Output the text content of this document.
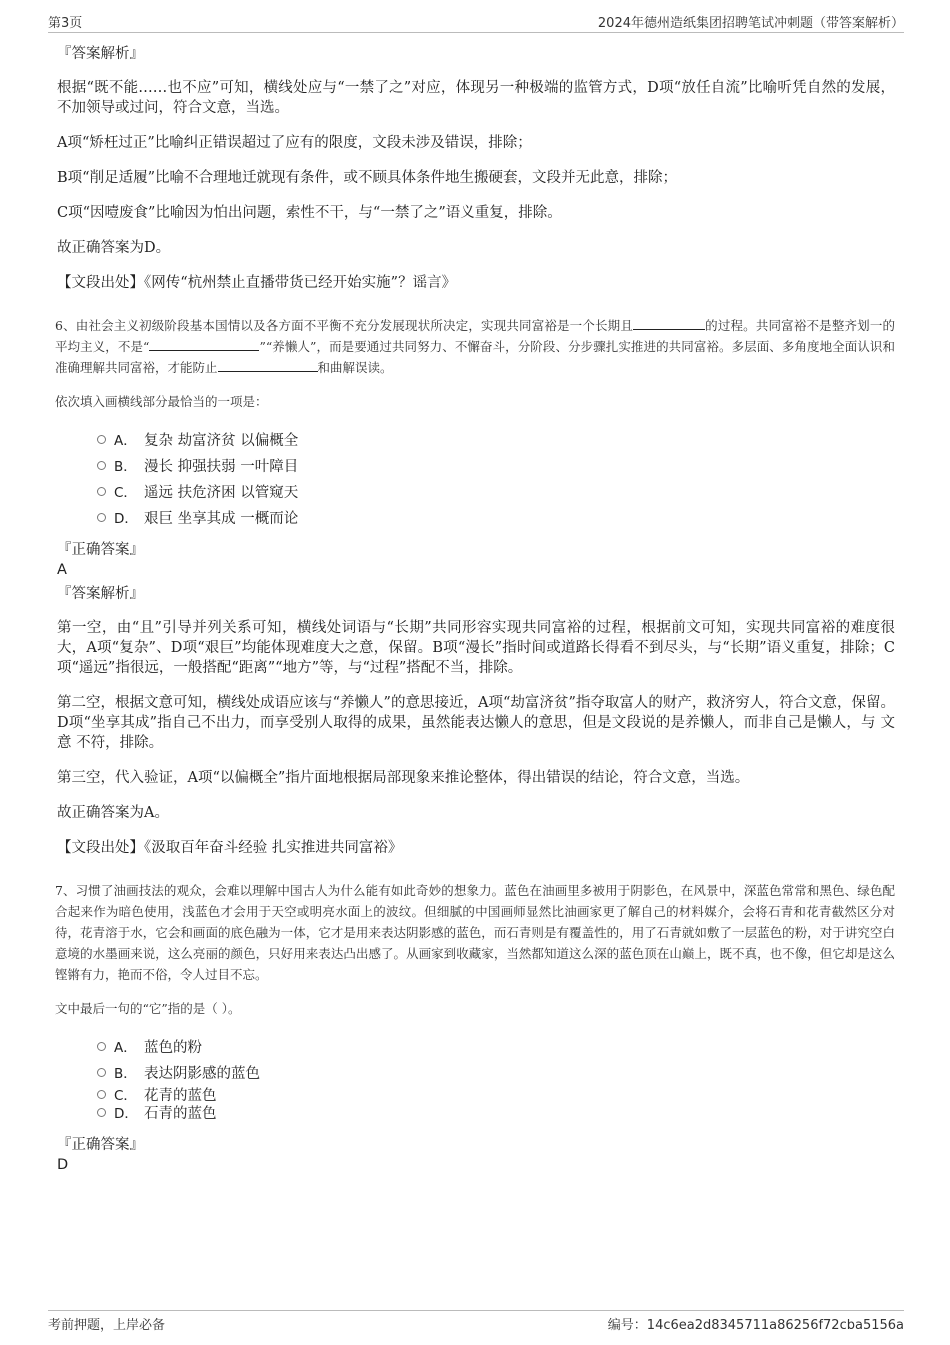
第3页	2024年德州造纸集团招聘笔试冲刺题（带答案解析）
『答案解析』
根据“既不能……也不应”可知，横线处应与“一禁了之”对应，体现另一种极端的监管方式，D项“放任自流”比喻听凭自然的发展，不加领导或过问，符合文意，当选。
A项“矫枉过正”比喻纠正错误超过了应有的限度，文段未涉及错误，排除；
B项“削足适履”比喻不合理地迁就现有条件，或不顾具体条件地生搬硬套，文段并无此意，排除；
C项“因噎废食”比喻因为怕出问题，索性不干，与“一禁了之”语义重复，排除。
故正确答案为D。
【文段出处】《网传“杭州禁止直播带货已经开始实施”？谣言》
6、由社会主义初级阶段基本国情以及各方面不平衡不充分发展现状所决定，实现共同富裕是一个长期且	的过程。共同富裕不是整齐划一的平均主义，不是“	”“养懒人”，而是要通过共同努力、不懈奋斗，分阶段、分步骤扎实推进的共同富裕。多层面、多角度地全面认识和准确理解共同富裕，才能防止	和曲解误读。
依次填入画横线部分最恰当的一项是：
A． 复杂 劫富济贫 以偏概全
B． 漫长 抑强扶弱 一叶障目
C． 遥远 扶危济困 以管窥天
D． 艰巨 坐享其成 一概而论
『正确答案』
A
『答案解析』
第一空，由“且”引导并列关系可知，横线处词语与“长期”共同形容实现共同富裕的过程，根据前文可知，实现共同富裕的难度很大，A项“复杂”、D项“艰巨”均能体现难度大之意，保留。B项“漫长”指时间或道路长得看不到尽头，与“长期”语义重复，排除；C项“遥远”指很远，一般搭配“距离”“地方”等，与“过程”搭配不当，排除。
第二空，根据文意可知，横线处成语应该与“养懒人”的意思接近，A项“劫富济贫”指夺取富人的财产，救济穷人，符合文意，保留。D项“坐享其成”指自己不出力，而享受别人取得的成果，虽然能表达懒人的意思，但是文段说的是养懒人，而非自己是懒人，与 文意 不符，排除。
第三空，代入验证，A项“以偏概全”指片面地根据局部现象来推论整体，得出错误的结论，符合文意，当选。
故正确答案为A。
【文段出处】《汲取百年奋斗经验 扎实推进共同富裕》
7、习惯了油画技法的观众，会难以理解中国古人为什么能有如此奇妙的想象力。蓝色在油画里多被用于阴影色，在风景中，深蓝色常常和黑色、绿色配合起来作为暗色使用，浅蓝色才会用于天空或明亮水面上的波纹。但细腻的中国画师显然比油画家更了解自己的材料媒介，会将石青和花青截然区分对待，花青溶于水，它会和画面的底色融为一体，它才是用来表达阴影感的蓝色，而石青则是有覆盖性的，用了石青就如敷了一层蓝色的粉，对于讲究空白意境的水墨画来说，这么亮丽的颜色，只好用来表达凸出感了。从画家到收藏家，当然都知道这么深的蓝色顶在山巅上，既不真，也不像，但它却是这么铿锵有力，艳而不俗，令人过目不忘。
文中最后一句的“它”指的是（ ）。
A． 蓝色的粉
B． 表达阴影感的蓝色
C． 花青的蓝色
D． 石青的蓝色
『正确答案』
D
考前押题，上岸必备	编号：14c6ea2d8345711a86256f72cba5156a
